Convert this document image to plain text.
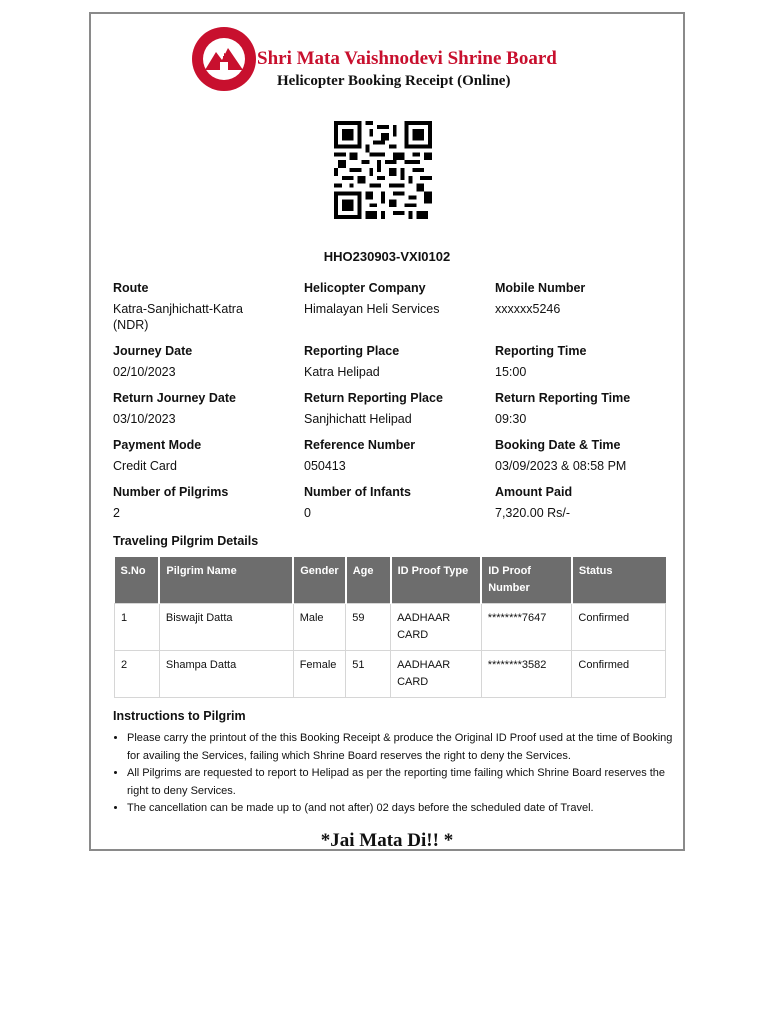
Shri Mata Vaishnodevi Shrine Board
Helicopter Booking Receipt (Online)
HHO230903-VXI0102
Route
Katra-Sanjhichatt-Katra (NDR)
Helicopter Company
Himalayan Heli Services
Mobile Number
xxxxxx5246
Journey Date
02/10/2023
Reporting Place
Katra Helipad
Reporting Time
15:00
Return Journey Date
03/10/2023
Return Reporting Place
Sanjhichatt Helipad
Return Reporting Time
09:30
Payment Mode
Credit Card
Reference Number
050413
Booking Date & Time
03/09/2023 & 08:58 PM
Number of Pilgrims
2
Number of Infants
0
Amount Paid
7,320.00 Rs/-
Traveling Pilgrim Details
S.No	Pilgrim Name	Gender	Age	ID Proof Type	ID Proof Number	Status
1	Biswajit Datta	Male	59	AADHAAR CARD	********7647	Confirmed
2	Shampa Datta	Female	51	AADHAAR CARD	********3582	Confirmed
Instructions to Pilgrim
• Please carry the printout of the this Booking Receipt & produce the Original ID Proof used at the time of Booking for availing the Services, failing which Shrine Board reserves the right to deny the Services.
• All Pilgrims are requested to report to Helipad as per the reporting time failing which Shrine Board reserves the right to deny Services.
• The cancellation can be made up to (and not after) 02 days before the scheduled date of Travel.
*Jai Mata Di!! *
